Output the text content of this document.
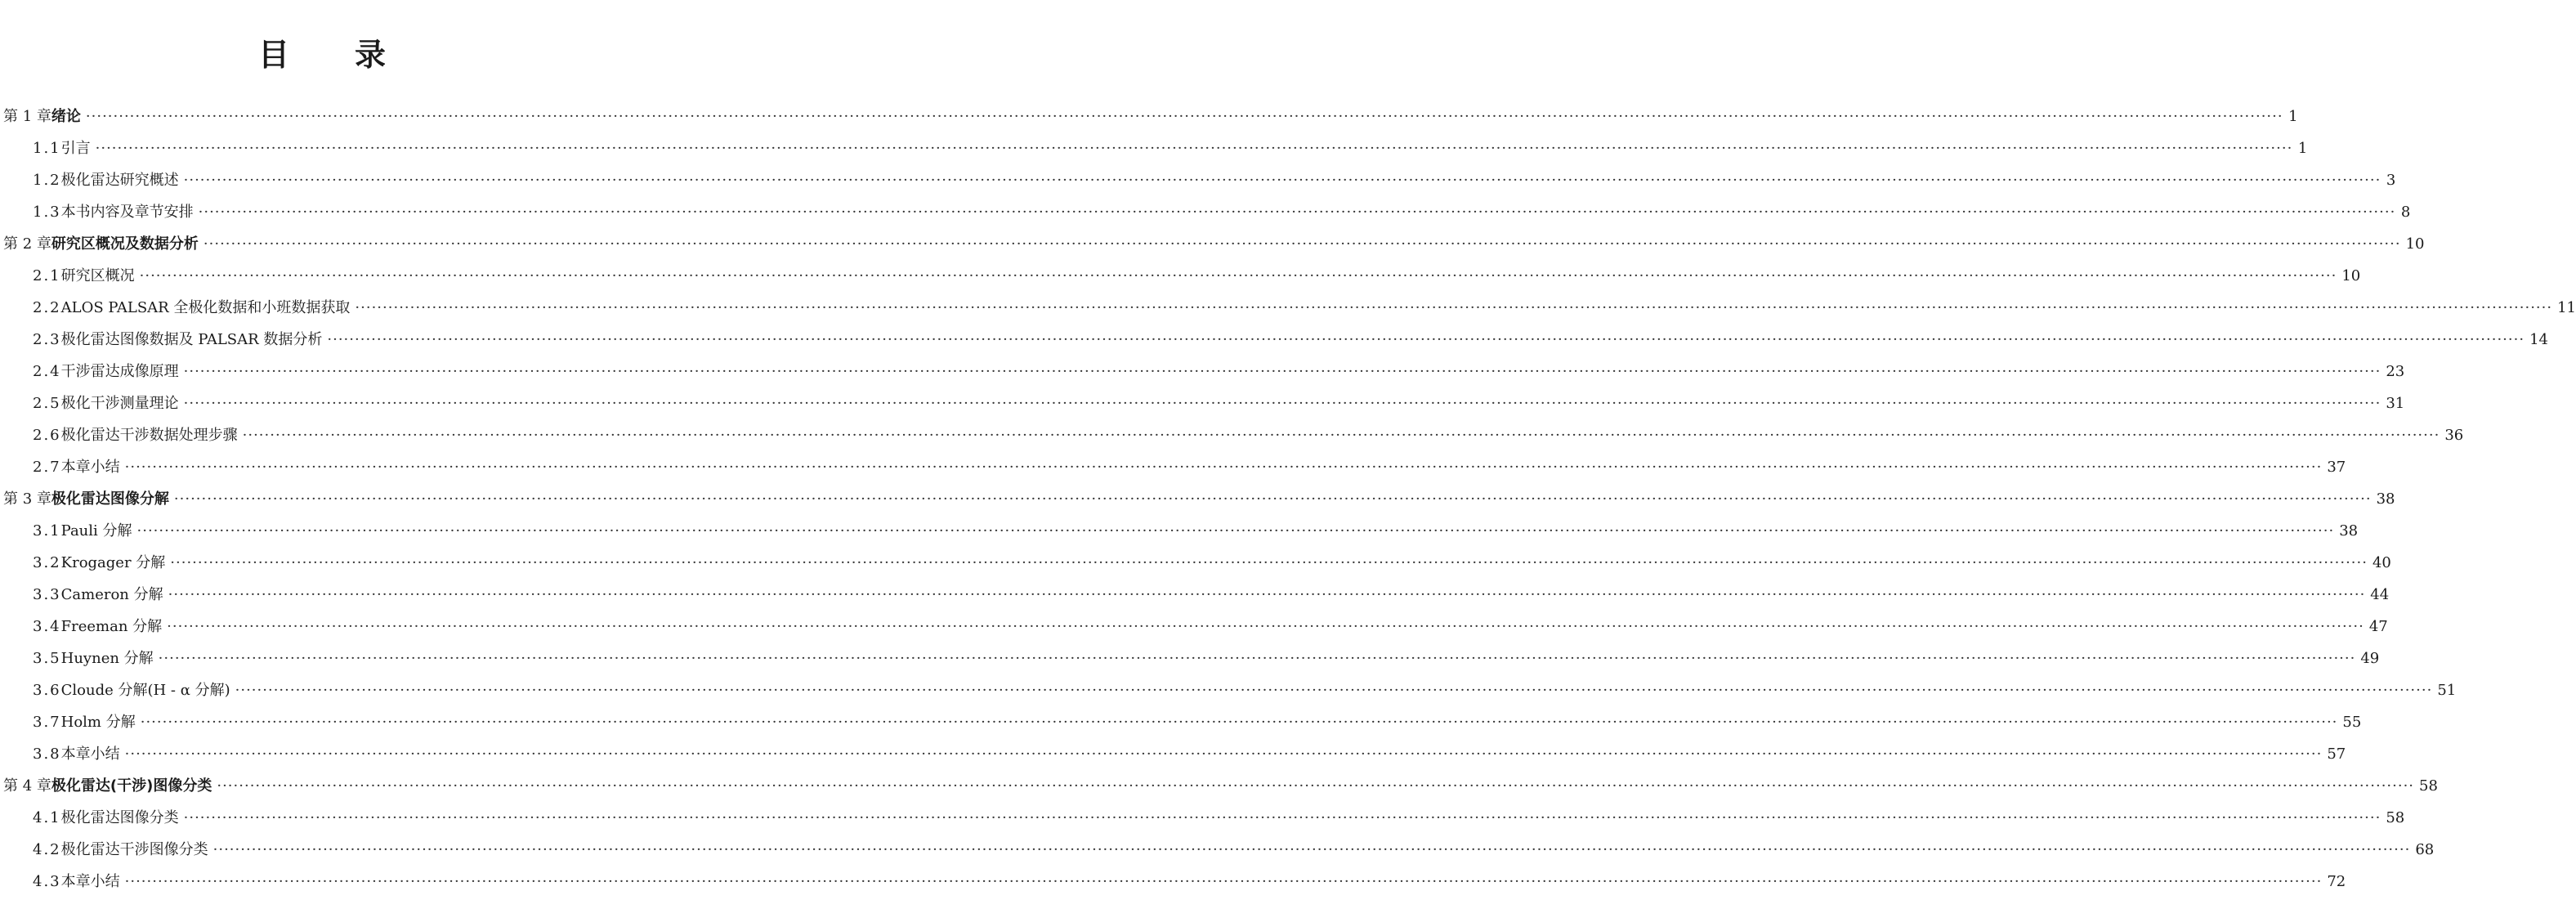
目 录
第 1 章 绪论 ················································································································································································································································································································································································································ 1
1.1 引言 ················································································································································································································································································································································································································ 1
1.2 极化雷达研究概述 ················································································································································································································································································································································································································ 3
1.3 本书内容及章节安排 ················································································································································································································································································································································································································ 8
第 2 章 研究区概况及数据分析 ················································································································································································································································································································································································································ 10
2.1 研究区概况 ················································································································································································································································································································································································································ 10
2.2 ALOS PALSAR 全极化数据和小班数据获取 ················································································································································································································································································································································································································ 11
2.3 极化雷达图像数据及 PALSAR 数据分析 ················································································································································································································································································································································································································ 14
2.4 干涉雷达成像原理 ················································································································································································································································································································································································································ 23
2.5 极化干涉测量理论 ················································································································································································································································································································································································································ 31
2.6 极化雷达干涉数据处理步骤 ················································································································································································································································································································································································································ 36
2.7 本章小结 ················································································································································································································································································································································································································ 37
第 3 章 极化雷达图像分解 ················································································································································································································································································································································································································ 38
3.1 Pauli 分解 ················································································································································································································································································································································································································ 38
3.2 Krogager 分解 ················································································································································································································································································································································································································ 40
3.3 Cameron 分解 ················································································································································································································································································································································································································ 44
3.4 Freeman 分解 ················································································································································································································································································································································································································ 47
3.5 Huynen 分解 ················································································································································································································································································································································································································ 49
3.6 Cloude 分解(H - α 分解) ················································································································································································································································································································································································································ 51
3.7 Holm 分解 ················································································································································································································································································································································································································ 55
3.8 本章小结 ················································································································································································································································································································································································································ 57
第 4 章 极化雷达(干涉)图像分类 ················································································································································································································································································································································································································ 58
4.1 极化雷达图像分类 ················································································································································································································································································································································································································ 58
4.2 极化雷达干涉图像分类 ················································································································································································································································································································································································································ 68
4.3 本章小结 ················································································································································································································································································································································································································ 72
